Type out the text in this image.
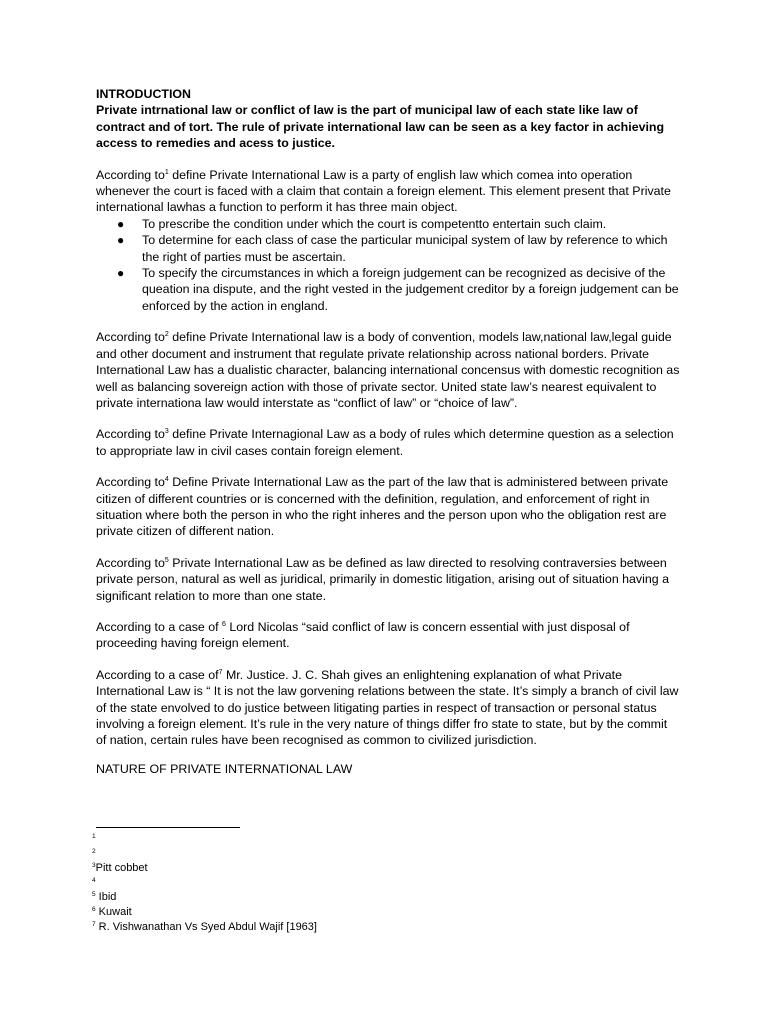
INTRODUCTION

Private intrnational law or conflict of law is the part of municipal law of each state like law of contract and of tort. The rule of private international law can be seen as a key factor in achieving access to remedies and acess to justice.

According $to^1$ define Private International Law is a party of english law which comea into operation whenever the court is faced with a claim that contain a foreign element. This element present that Private international lawhas a function to perform it has three main object.

● To prescribe the condition under which the court is competentto entertain such claim.
● To determine for each class of case the particular municipal system of law by reference to which the right of parties must be ascertain.
● To specify the circumstances in which a foreign judgement can be recognized as decisive of the queation ina dispute, and the right vested in the judgement creditor by a foreign judgement can be enforced by the action in england.

According $to^2$ define Private International law is a body of convention, models law,national law,legal guide and other document and instrument that regulate private relationship across national borders. Private International Law has a dualistic character, balancing international concensus with domestic recognition as well as balancing sovereign action with those of private sector. United state law’s nearest equivalent to private internationa law would interstate as “conflict of law” or “choice of law”.

According $to^3$ define Private Internagional Law as a body of rules which determine question as a selection to appropriate law in civil cases contain foreign element.

According $to^4$ Define Private International Law as the part of the law that is administered between private citizen of different countries or is concerned with the definition, regulation, and enforcement of right in situation where both the person in who the right inheres and the person upon who the obligation rest are private citizen of different nation.

According $to^5$ Private International Law as be defined as law directed to resolving contraversies between private person, natural as well as juridical, primarily in domestic litigation, arising out of situation having a significant relation to more than one state.

According to a case of $^6$ Lord Nicolas “said conflict of law is concern essential with just disposal of proceeding having foreign element.

According to a case $of^7$ Mr. Justice. J. C. Shah gives an enlightening explanation of what Private International Law is “ It is not the law gorvening relations between the state. It’s simply a branch of civil law of the state envolved to do justice between litigating parties in respect of transaction or personal status involving a foreign element. It’s rule in the very nature of things differ fro state to state, but by the commit of nation, certain rules have been recognised as common to civilized jurisdiction.

NATURE OF PRIVATE INTERNATIONAL LAW

$^1$
$^2$
$^3$Pitt cobbet
$^4$
$^5$ Ibid
$^6$ Kuwait
$^7$ R. Vishwanathan Vs Syed Abdul Wajif [1963]
